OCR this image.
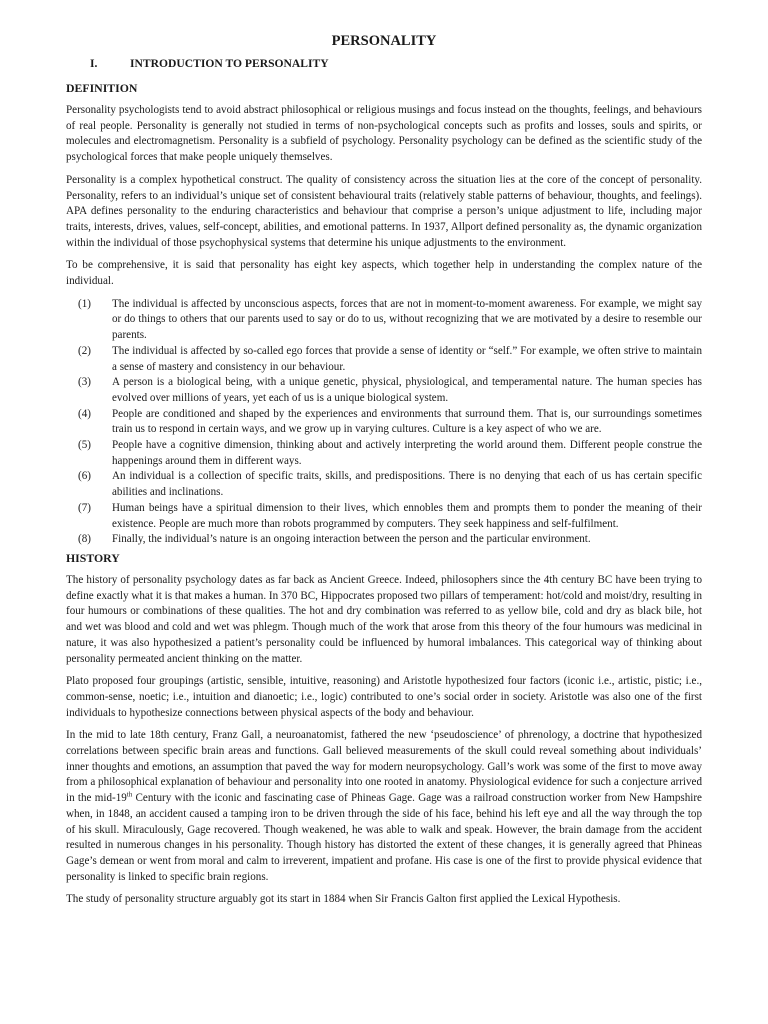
PERSONALITY
I.	INTRODUCTION TO PERSONALITY
DEFINITION

Personality psychologists tend to avoid abstract philosophical or religious musings and focus instead on the thoughts, feelings, and behaviours of real people. Personality is generally not studied in terms of non-psychological concepts such as profits and losses, souls and spirits, or molecules and electromagnetism. Personality is a subfield of psychology. Personality psychology can be defined as the scientific study of the psychological forces that make people uniquely themselves.

Personality is a complex hypothetical construct. The quality of consistency across the situation lies at the core of the concept of personality. Personality, refers to an individual’s unique set of consistent behavioural traits (relatively stable patterns of behaviour, thoughts, and feelings). APA defines personality to the enduring characteristics and behaviour that comprise a person’s unique adjustment to life, including major traits, interests, drives, values, self-concept, abilities, and emotional patterns. In 1937, Allport defined personality as, the dynamic organization within the individual of those psychophysical systems that determine his unique adjustments to the environment.

To be comprehensive, it is said that personality has eight key aspects, which together help in understanding the complex nature of the individual.

(1)	The individual is affected by unconscious aspects, forces that are not in moment-to-moment awareness. For example, we might say or do things to others that our parents used to say or do to us, without recognizing that we are motivated by a desire to resemble our parents.
(2)	The individual is affected by so-called ego forces that provide a sense of identity or “self.” For example, we often strive to maintain a sense of mastery and consistency in our behaviour.
(3)	A person is a biological being, with a unique genetic, physical, physiological, and temperamental nature. The human species has evolved over millions of years, yet each of us is a unique biological system.
(4)	People are conditioned and shaped by the experiences and environments that surround them. That is, our surroundings sometimes train us to respond in certain ways, and we grow up in varying cultures. Culture is a key aspect of who we are.
(5)	People have a cognitive dimension, thinking about and actively interpreting the world around them. Different people construe the happenings around them in different ways.
(6)	An individual is a collection of specific traits, skills, and predispositions. There is no denying that each of us has certain specific abilities and inclinations.
(7)	Human beings have a spiritual dimension to their lives, which ennobles them and prompts them to ponder the meaning of their existence. People are much more than robots programmed by computers. They seek happiness and self-fulfilment.
(8)	Finally, the individual’s nature is an ongoing interaction between the person and the particular environment.
HISTORY

The history of personality psychology dates as far back as Ancient Greece. Indeed, philosophers since the 4th century BC have been trying to define exactly what it is that makes a human. In 370 BC, Hippocrates proposed two pillars of temperament: hot/cold and moist/dry, resulting in four humours or combinations of these qualities. The hot and dry combination was referred to as yellow bile, cold and dry as black bile, hot and wet was blood and cold and wet was phlegm. Though much of the work that arose from this theory of the four humours was medicinal in nature, it was also hypothesized a patient’s personality could be influenced by humoral imbalances. This categorical way of thinking about personality permeated ancient thinking on the matter.

Plato proposed four groupings (artistic, sensible, intuitive, reasoning) and Aristotle hypothesized four factors (iconic i.e., artistic, pistic; i.e., common-sense, noetic; i.e., intuition and dianoetic; i.e., logic) contributed to one’s social order in society. Aristotle was also one of the first individuals to hypothesize connections between physical aspects of the body and behaviour.

In the mid to late 18th century, Franz Gall, a neuroanatomist, fathered the new ‘pseudoscience’ of phrenology, a doctrine that hypothesized correlations between specific brain areas and functions. Gall believed measurements of the skull could reveal something about individuals’ inner thoughts and emotions, an assumption that paved the way for modern neuropsychology. Gall’s work was some of the first to move away from a philosophical explanation of behaviour and personality into one rooted in anatomy. Physiological evidence for such a conjecture arrived in the mid-19th Century with the iconic and fascinating case of Phineas Gage. Gage was a railroad construction worker from New Hampshire when, in 1848, an accident caused a tamping iron to be driven through the side of his face, behind his left eye and all the way through the top of his skull. Miraculously, Gage recovered. Though weakened, he was able to walk and speak. However, the brain damage from the accident resulted in numerous changes in his personality. Though history has distorted the extent of these changes, it is generally agreed that Phineas Gage’s demean or went from moral and calm to irreverent, impatient and profane. His case is one of the first to provide physical evidence that personality is linked to specific brain regions.

The study of personality structure arguably got its start in 1884 when Sir Francis Galton first applied the Lexical Hypothesis.
